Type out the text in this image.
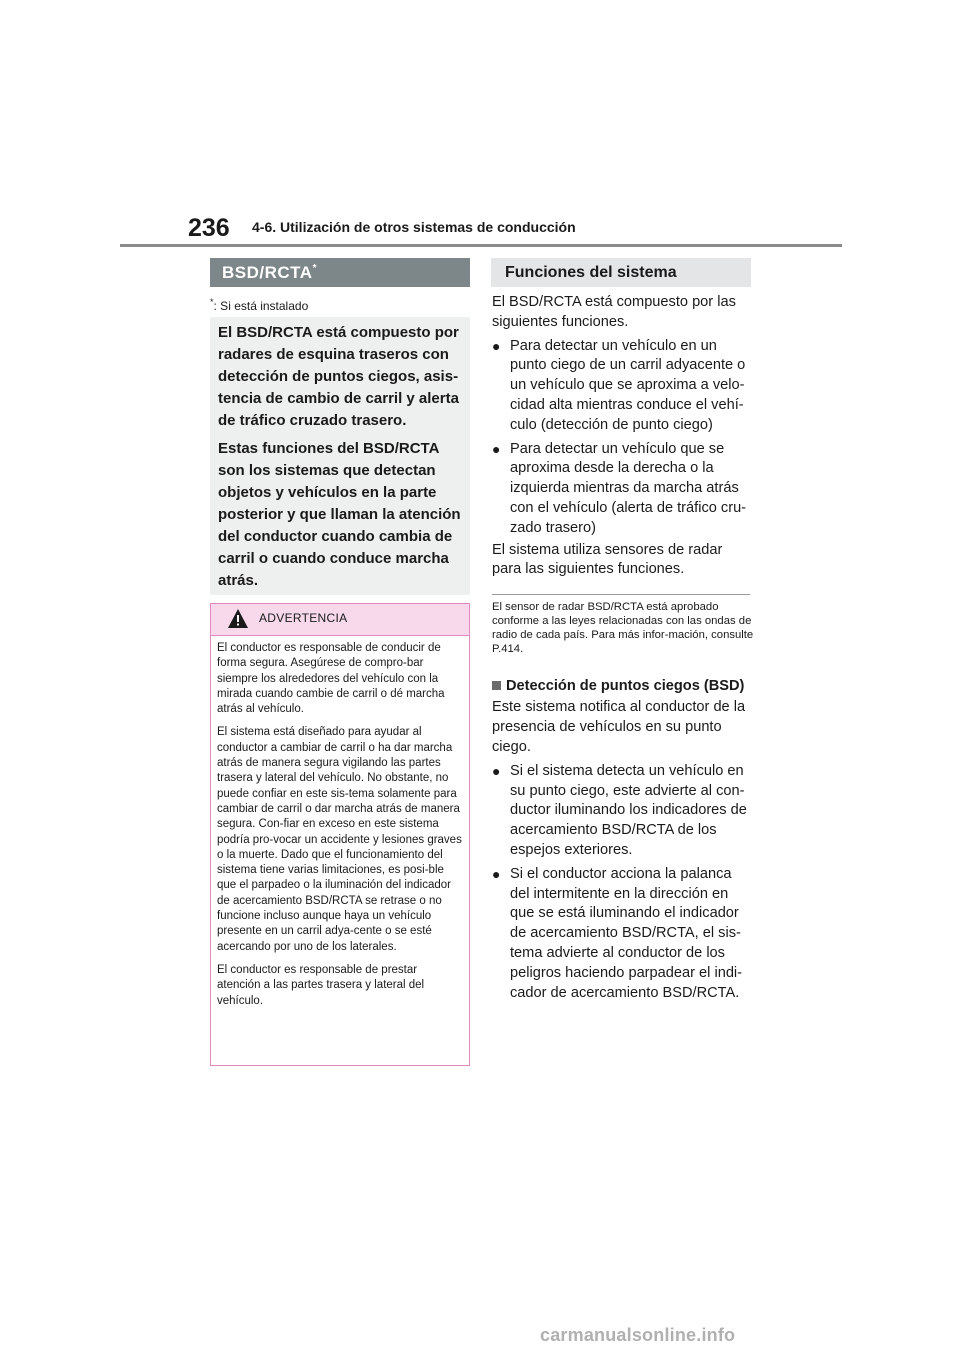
236 4-6. Utilización de otros sistemas de conducción
BSD/RCTA*
*: Si está instalado

El BSD/RCTA está compuesto por radares de esquina traseros con detección de puntos ciegos, asis-tencia de cambio de carril y alerta de tráfico cruzado trasero.

Estas funciones del BSD/RCTA son los sistemas que detectan objetos y vehículos en la parte posterior y que llaman la atención del conductor cuando cambia de carril o cuando conduce marcha atrás.

ADVERTENCIA

El conductor es responsable de conducir de forma segura. Asegúrese de compro-bar siempre los alrededores del vehículo con la mirada cuando cambie de carril o dé marcha atrás al vehículo.

El sistema está diseñado para ayudar al conductor a cambiar de carril o ha dar marcha atrás de manera segura vigilando las partes trasera y lateral del vehículo. No obstante, no puede confiar en este sis-tema solamente para cambiar de carril o dar marcha atrás de manera segura. Con-fiar en exceso en este sistema podría pro-vocar un accidente y lesiones graves o la muerte. Dado que el funcionamiento del sistema tiene varias limitaciones, es posi-ble que el parpadeo o la iluminación del indicador de acercamiento BSD/RCTA se retrase o no funcione incluso aunque haya un vehículo presente en un carril adya-cente o se esté acercando por uno de los laterales.

El conductor es responsable de prestar atención a las partes trasera y lateral del vehículo.

Funciones del sistema

El BSD/RCTA está compuesto por las siguientes funciones.

● Para detectar un vehículo en un punto ciego de un carril adyacente o un vehículo que se aproxima a velo-cidad alta mientras conduce el vehí-culo (detección de punto ciego)

● Para detectar un vehículo que se aproxima desde la derecha o la izquierda mientras da marcha atrás con el vehículo (alerta de tráfico cru-zado trasero)

El sistema utiliza sensores de radar para las siguientes funciones.

El sensor de radar BSD/RCTA está aprobado conforme a las leyes relacionadas con las ondas de radio de cada país. Para más infor-mación, consulte P.414.

Detección de puntos ciegos (BSD)

Este sistema notifica al conductor de la presencia de vehículos en su punto ciego.

● Si el sistema detecta un vehículo en su punto ciego, este advierte al con-ductor iluminando los indicadores de acercamiento BSD/RCTA de los espejos exteriores.

● Si el conductor acciona la palanca del intermitente en la dirección en que se está iluminando el indicador de acercamiento BSD/RCTA, el sis-tema advierte al conductor de los peligros haciendo parpadear el indi-cador de acercamiento BSD/RCTA.

carmanualsonline.info
